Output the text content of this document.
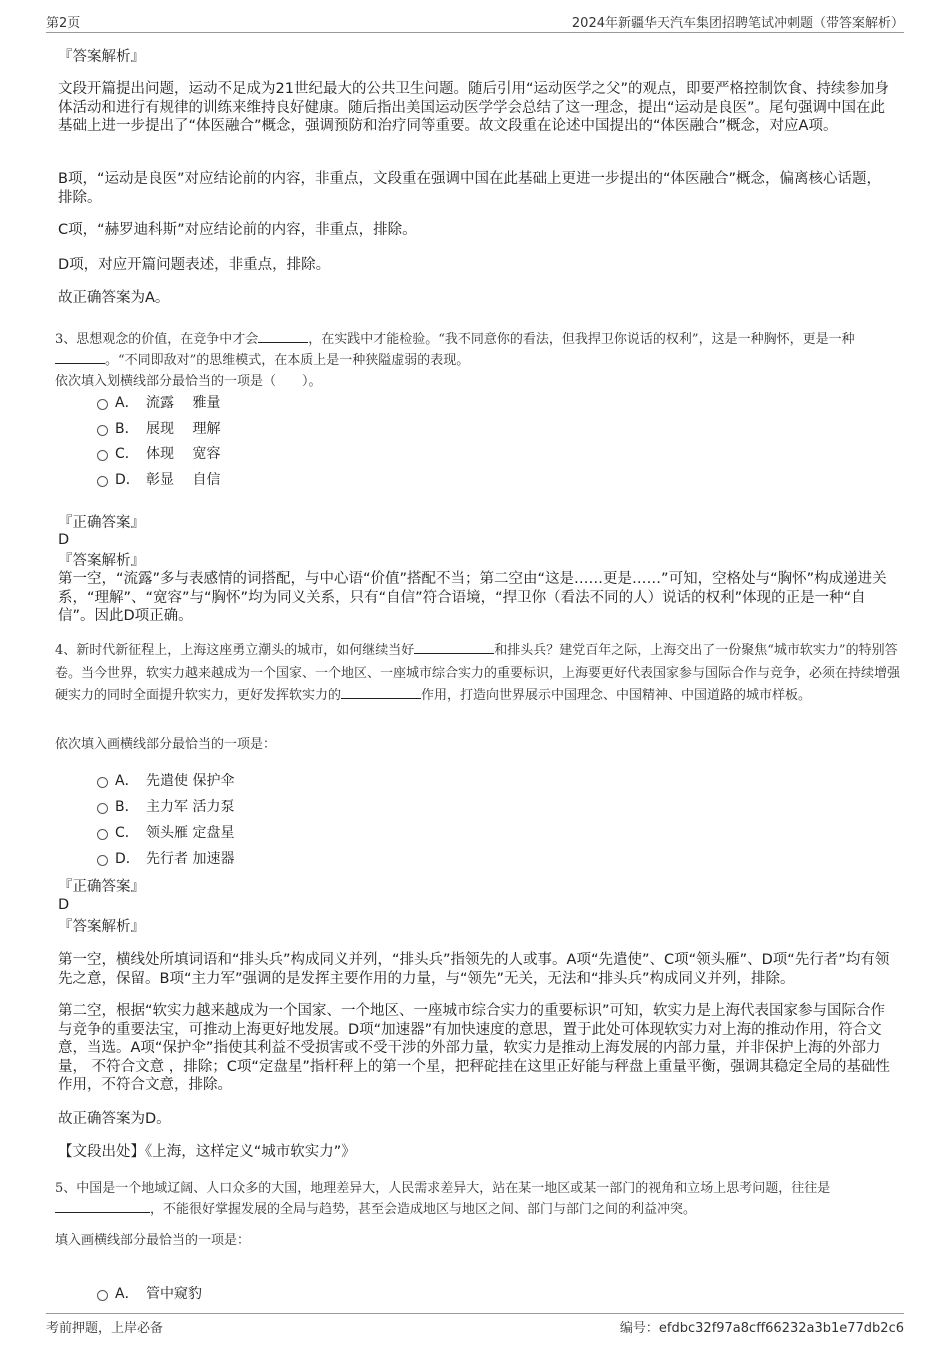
第2页	2024年新疆华天汽车集团招聘笔试冲刺题（带答案解析）
『答案解析』
文段开篇提出问题，运动不足成为21世纪最大的公共卫生问题。随后引用“运动医学之父”的观点，即要严格控制饮食、持续参加身体活动和进行有规律的训练来维持良好健康。随后指出美国运动医学学会总结了这一理念，提出“运动是良医”。尾句强调中国在此基础上进一步提出了“体医融合”概念，强调预防和治疗同等重要。故文段重在论述中国提出的“体医融合”概念，对应A项。
B项，“运动是良医”对应结论前的内容，非重点，文段重在强调中国在此基础上更进一步提出的“体医融合”概念，偏离核心话题，排除。
C项，“赫罗迪科斯”对应结论前的内容，非重点，排除。
D项，对应开篇问题表述，非重点，排除。
故正确答案为A。
3、思想观念的价值，在竞争中才会	，在实践中才能检验。“我不同意你的看法，但我捍卫你说话的权利”，这是一种胸怀，更是一种。“不同即敌对”的思维模式，在本质上是一种狭隘虚弱的表现。
依次填入划横线部分最恰当的一项是（　　）。
A． 流露　 雅量
B． 展现　 理解
C． 体现　 宽容
D． 彰显　 自信
『正确答案』
D
『答案解析』
第一空，“流露”多与表感情的词搭配，与中心语“价值”搭配不当；第二空由“这是……更是……”可知，空格处与“胸怀”构成递进关系，“理解”、“宽容”与“胸怀”均为同义关系，只有“自信”符合语境，“捍卫你（看法不同的人）说话的权利”体现的正是一种“自信”。因此D项正确。
4、新时代新征程上，上海这座勇立潮头的城市，如何继续当好	和排头兵？建党百年之际，上海交出了一份聚焦“城市软实力”的特别答卷。当今世界，软实力越来越成为一个国家、一个地区、一座城市综合实力的重要标识，上海要更好代表国家参与国际合作与竞争，必须在持续增强硬实力的同时全面提升软实力，更好发挥软实力的	作用，打造向世界展示中国理念、中国精神、中国道路的城市样板。
依次填入画横线部分最恰当的一项是：
A． 先遣使 保护伞
B． 主力军 活力泵
C． 领头雁 定盘星
D． 先行者 加速器
『正确答案』
D
『答案解析』
第一空，横线处所填词语和“排头兵”构成同义并列，“排头兵”指领先的人或事。A项“先遣使”、C项“领头雁”、D项“先行者”均有领先之意，保留。B项“主力军”强调的是发挥主要作用的力量，与“领先”无关，无法和“排头兵”构成同义并列，排除。
第二空，根据“软实力越来越成为一个国家、一个地区、一座城市综合实力的重要标识”可知，软实力是上海代表国家参与国际合作与竞争的重要法宝，可推动上海更好地发展。D项“加速器”有加快速度的意思，置于此处可体现软实力对上海的推动作用，符合文意，当选。A项“保护伞”指使其利益不受损害或不受干涉的外部力量，软实力是推动上海发展的内部力量，并非保护上海的外部力量， 不符合文意 ，排除；C项“定盘星”指杆秤上的第一个星，把秤砣挂在这里正好能与秤盘上重量平衡，强调其稳定全局的基础性作用，不符合文意，排除。
故正确答案为D。
【文段出处】《上海，这样定义“城市软实力”》
5、中国是一个地域辽阔、人口众多的大国，地理差异大，人民需求差异大，站在某一地区或某一部门的视角和立场上思考问题，往往是，不能很好掌握发展的全局与趋势，甚至会造成地区与地区之间、部门与部门之间的利益冲突。
填入画横线部分最恰当的一项是：
A． 管中窥豹
考前押题，上岸必备	编号：efdbc32f97a8cff66232a3b1e77db2c6
